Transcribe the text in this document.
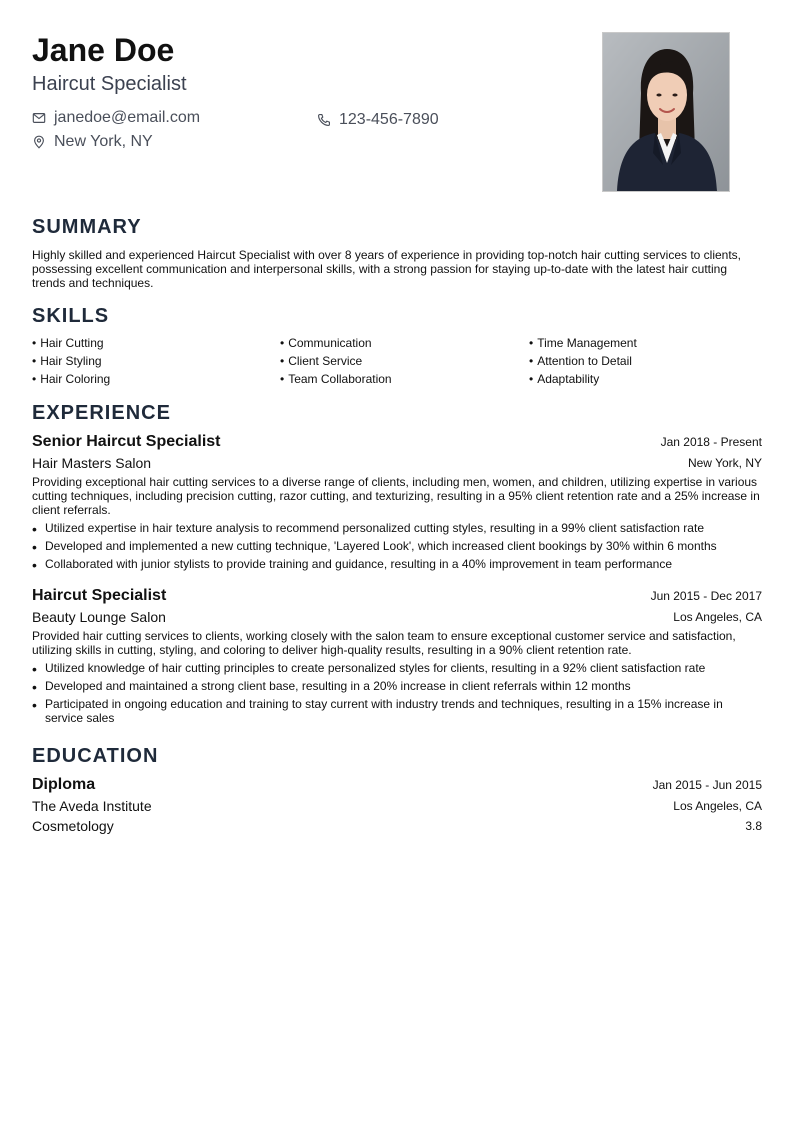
Jane Doe
Haircut Specialist
janedoe@email.com	123-456-7890
New York, NY
SUMMARY

Highly skilled and experienced Haircut Specialist with over 8 years of experience in providing top-notch hair cutting services to clients, possessing excellent communication and interpersonal skills, with a strong passion for staying up-to-date with the latest hair cutting trends and techniques.

SKILLS
• Hair Cutting	• Communication	• Time Management
• Hair Styling	• Client Service	• Attention to Detail
• Hair Coloring	• Team Collaboration	• Adaptability
EXPERIENCE
Senior Haircut Specialist	Jan 2018 - Present
Hair Masters Salon	New York, NY

Providing exceptional hair cutting services to a diverse range of clients, including men, women, and children, utilizing expertise in various cutting techniques, including precision cutting, razor cutting, and texturizing, resulting in a 95% client retention rate and a 25% increase in client referrals.

• Utilized expertise in hair texture analysis to recommend personalized cutting styles, resulting in a 99% client satisfaction rate
• Developed and implemented a new cutting technique, 'Layered Look', which increased client bookings by 30% within 6 months
• Collaborated with junior stylists to provide training and guidance, resulting in a 40% improvement in team performance
Haircut Specialist	Jun 2015 - Dec 2017
Beauty Lounge Salon	Los Angeles, CA

Provided hair cutting services to clients, working closely with the salon team to ensure exceptional customer service and satisfaction, utilizing skills in cutting, styling, and coloring to deliver high-quality results, resulting in a 90% client retention rate.

• Utilized knowledge of hair cutting principles to create personalized styles for clients, resulting in a 92% client satisfaction rate
• Developed and maintained a strong client base, resulting in a 20% increase in client referrals within 12 months
• Participated in ongoing education and training to stay current with industry trends and techniques, resulting in a 15% increase in service sales
EDUCATION
Diploma	Jan 2015 - Jun 2015
The Aveda Institute	Los Angeles, CA
Cosmetology	3.8
